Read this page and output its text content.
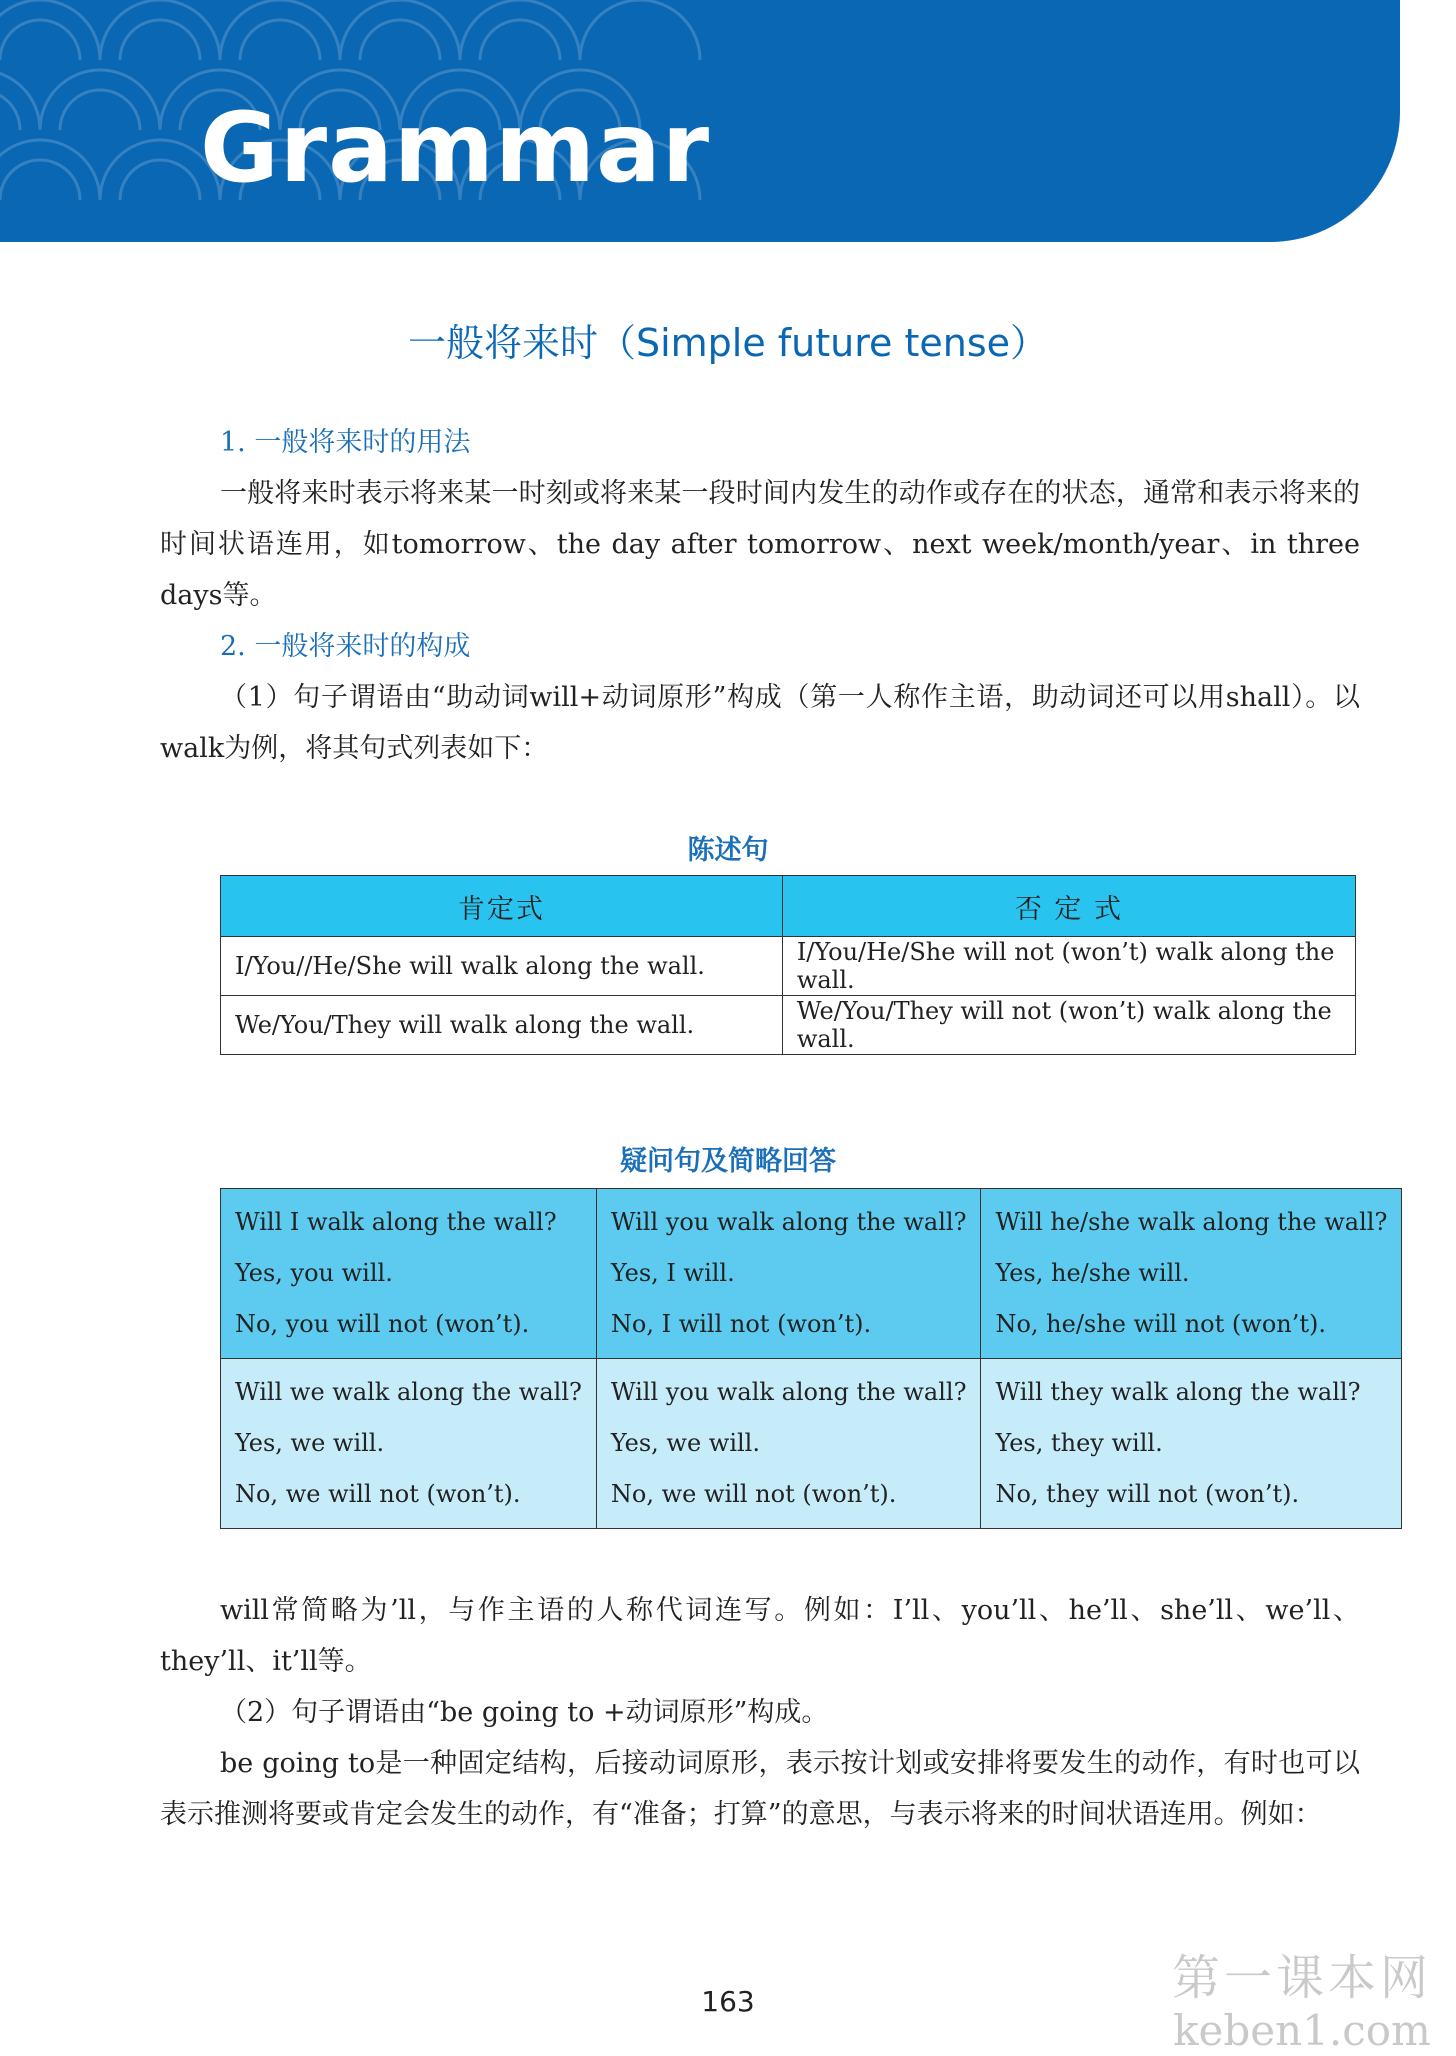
Grammar
一般将来时（Simple future tense）
1. 一般将来时的用法
一般将来时表示将来某一时刻或将来某一段时间内发生的动作或存在的状态，通常和表示将来的时间状语连用，如tomorrow、the day after tomorrow、next week/month/year、in three days等。
2. 一般将来时的构成
（1）句子谓语由“助动词will+动词原形”构成（第一人称作主语，助动词还可以用shall）。以walk为例，将其句式列表如下：
陈述句
肯定式	否 定 式
I/You//He/She will walk along the wall.	I/You/He/She will not (won’t) walk along the wall.
We/You/They will walk along the wall.	We/You/They will not (won’t) walk along the wall.
疑问句及简略回答
Will I walk along the wall?
Yes, you will.
No, you will not (won’t).	Will you walk along the wall?
Yes, I will.
No, I will not (won’t).	Will he/she walk along the wall?
Yes, he/she will.
No, he/she will not (won’t).

Will we walk along the wall?
Yes, we will.
No, we will not (won’t).	Will you walk along the wall?
Yes, we will.
No, we will not (won’t).	Will they walk along the wall?
Yes, they will.
No, they will not (won’t).
will常简略为’ll，与作主语的人称代词连写。例如：I’ll、you’ll、he’ll、she’ll、we’ll、they’ll、it’ll等。
（2）句子谓语由“be going to +动词原形”构成。
be going to是一种固定结构，后接动词原形，表示按计划或安排将要发生的动作，有时也可以表示推测将要或肯定会发生的动作，有“准备；打算”的意思，与表示将来的时间状语连用。例如：
163	第一课本网
keben1.com
